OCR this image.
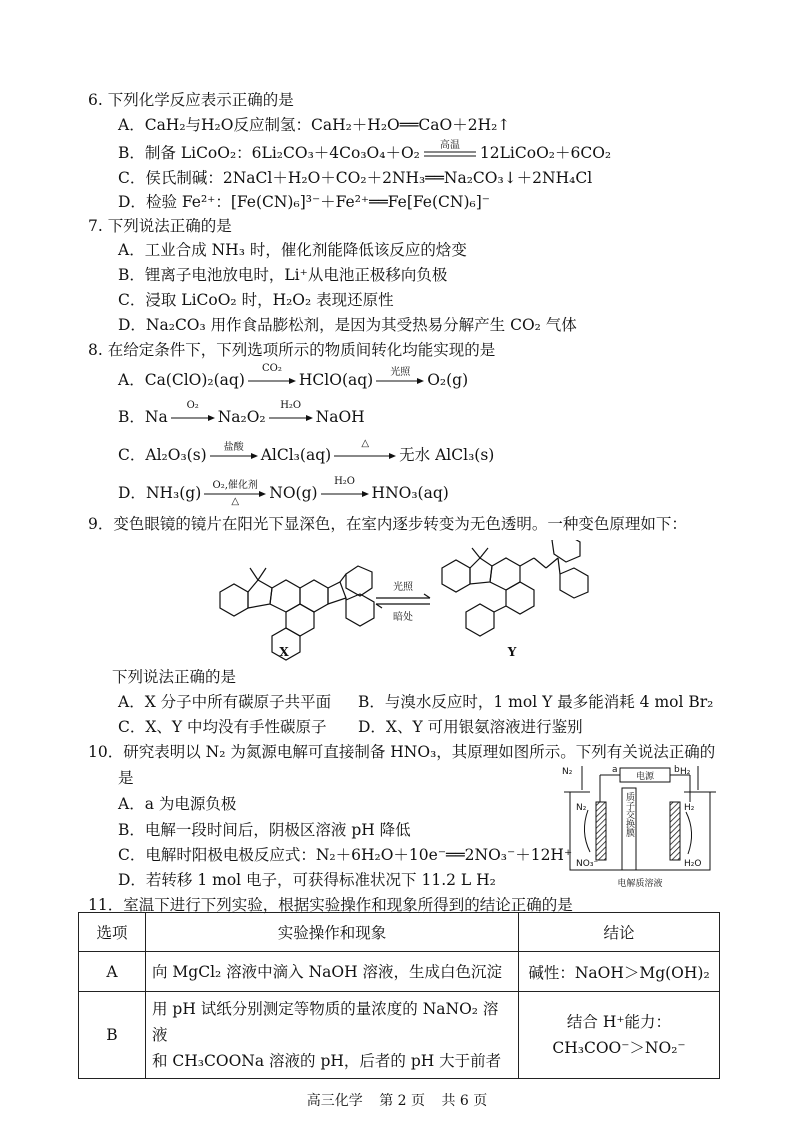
6. 下列化学反应表示正确的是
A．CaH₂与H₂O反应制氢：CaH₂＋H₂O══CaO＋2H₂↑
B．制备 LiCoO₂：6Li₂CO₃＋4Co₃O₄＋O₂	高温	12LiCoO₂＋6CO₂
C．侯氏制碱：2NaCl＋H₂O＋CO₂＋2NH₃══Na₂CO₃↓＋2NH₄Cl
D．检验 Fe²⁺：[Fe(CN)₆]³⁻＋Fe²⁺══Fe[Fe(CN)₆]⁻
7. 下列说法正确的是
A．工业合成 NH₃ 时，催化剂能降低该反应的焓变
B．锂离子电池放电时，Li⁺从电池正极移向负极
C．浸取 LiCoO₂ 时，H₂O₂ 表现还原性
D．Na₂CO₃ 用作食品膨松剂，是因为其受热易分解产生 CO₂ 气体
8. 在给定条件下，下列选项所示的物质间转化均能实现的是
A．Ca(ClO)₂(aq)
CO₂
HClO(aq)	光照	O₂(g)
B．Na
O₂
Na₂O₂
H₂O
NaOH
C．Al₂O₃(s)	盐酸	AlCl₃(aq)
△
无水 AlCl₃(s)
D．NH₃(g)	O₂,催化剂
△	NO(g)
H₂O
HNO₃(aq)
9．变色眼镜的镜片在阳光下显深色，在室内逐步转变为无色透明。一种变色原理如下：
光照
暗处
X	Y
下列说法正确的是
A．X 分子中所有碳原子共平面 B．与溴水反应时，1 mol Y 最多能消耗 4 mol Br₂
C．X、Y 中均没有手性碳原子 D．X、Y 可用银氨溶液进行鉴别
10．研究表明以 N₂ 为氮源电解可直接制备 HNO₃，其原理如图所示。下列有关说法正确的
是
A．a 为电源负极
B．电解一段时间后，阴极区溶液 pH 降低
C．电解时阳极电极反应式：N₂＋6H₂O＋10e⁻══2NO₃⁻＋12H⁺
D．若转移 1 mol 电子，可获得标准状况下 11.2 L H₂
电源
a	b
N₂	H₂
N₂	H₂
NO₃⁻	H₂O
电解质溶液
质子交换膜
11．室温下进行下列实验，根据实验操作和现象所得到的结论正确的是
选项	实验操作和现象	结论
A	向 MgCl₂ 溶液中滴入 NaOH 溶液，生成白色沉淀	碱性：NaOH＞Mg(OH)₂
B	用 pH 试纸分别测定等物质的量浓度的 NaNO₂ 溶液
和 CH₃COONa 溶液的 pH，后者的 pH 大于前者	结合 H⁺能力：
CH₃COO⁻＞NO₂⁻
高三化学 第 2 页 共 6 页
